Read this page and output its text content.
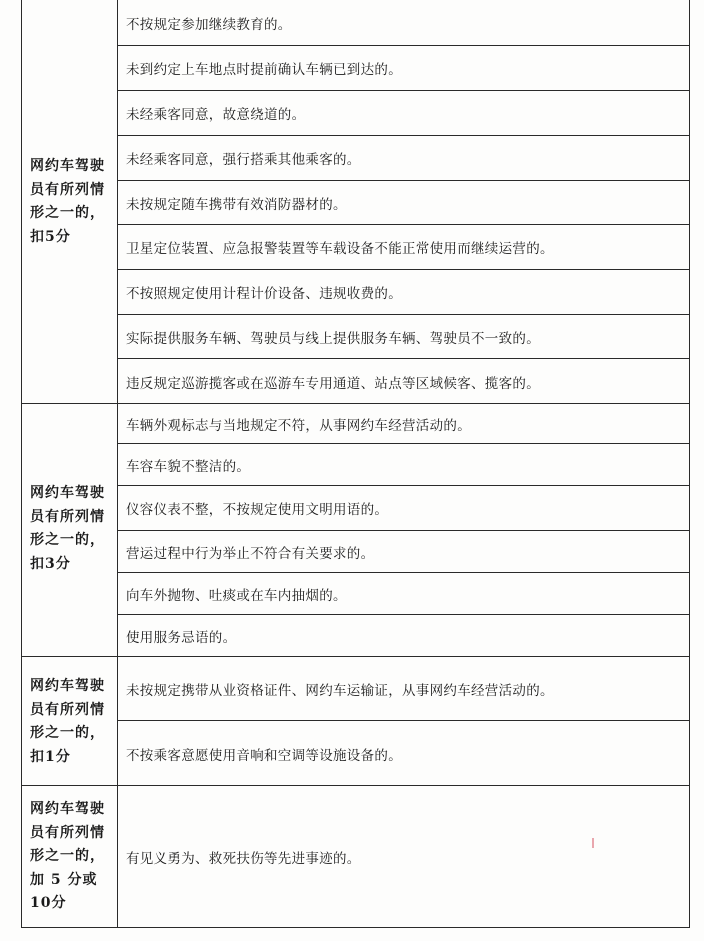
网约车驾驶
员有所列情
形之一的，
扣5分
不按规定参加继续教育的。
未到约定上车地点时提前确认车辆已到达的。
未经乘客同意，故意绕道的。
未经乘客同意，强行搭乘其他乘客的。
未按规定随车携带有效消防器材的。
卫星定位装置、应急报警装置等车载设备不能正常使用而继续运营的。
不按照规定使用计程计价设备、违规收费的。
实际提供服务车辆、驾驶员与线上提供服务车辆、驾驶员不一致的。
违反规定巡游揽客或在巡游车专用通道、站点等区域候客、揽客的。
网约车驾驶
员有所列情
形之一的，
扣3分
车辆外观标志与当地规定不符，从事网约车经营活动的。
车容车貌不整洁的。
仪容仪表不整，不按规定使用文明用语的。
营运过程中行为举止不符合有关要求的。
向车外抛物、吐痰或在车内抽烟的。
使用服务忌语的。
网约车驾驶
员有所列情
形之一的，
扣1分
未按规定携带从业资格证件、网约车运输证，从事网约车经营活动的。
不按乘客意愿使用音响和空调等设施设备的。
网约车驾驶
员有所列情
形之一的，
加 5 分或
10分
有见义勇为、救死扶伤等先进事迹的。
